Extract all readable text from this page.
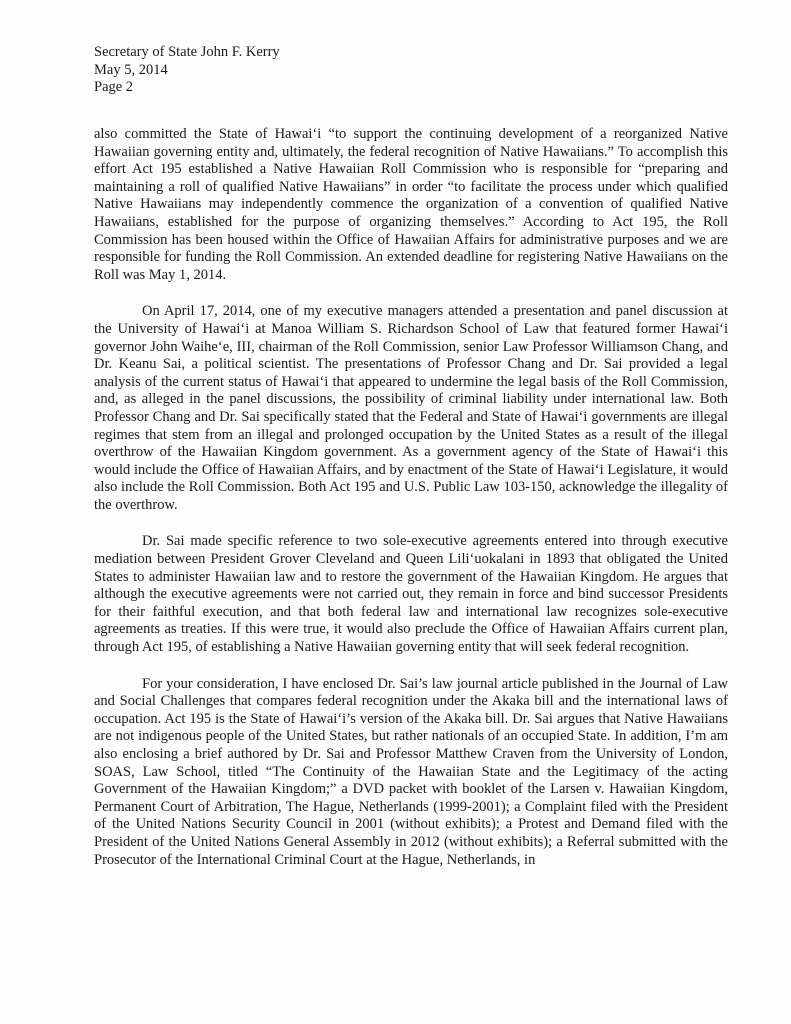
Secretary of State John F. Kerry
May 5, 2014
Page 2

also committed the State of Hawai‘i “to support the continuing development of a reorganized Native Hawaiian governing entity and, ultimately, the federal recognition of Native Hawaiians.” To accomplish this effort Act 195 established a Native Hawaiian Roll Commission who is responsible for “preparing and maintaining a roll of qualified Native Hawaiians” in order “to facilitate the process under which qualified Native Hawaiians may independently commence the organization of a convention of qualified Native Hawaiians, established for the purpose of organizing themselves.” According to Act 195, the Roll Commission has been housed within the Office of Hawaiian Affairs for administrative purposes and we are responsible for funding the Roll Commission. An extended deadline for registering Native Hawaiians on the Roll was May 1, 2014.

On April 17, 2014, one of my executive managers attended a presentation and panel discussion at the University of Hawai‘i at Manoa William S. Richardson School of Law that featured former Hawai‘i governor John Waihe‘e, III, chairman of the Roll Commission, senior Law Professor Williamson Chang, and Dr. Keanu Sai, a political scientist. The presentations of Professor Chang and Dr. Sai provided a legal analysis of the current status of Hawai‘i that appeared to undermine the legal basis of the Roll Commission, and, as alleged in the panel discussions, the possibility of criminal liability under international law. Both Professor Chang and Dr. Sai specifically stated that the Federal and State of Hawai‘i governments are illegal regimes that stem from an illegal and prolonged occupation by the United States as a result of the illegal overthrow of the Hawaiian Kingdom government. As a government agency of the State of Hawai‘i this would include the Office of Hawaiian Affairs, and by enactment of the State of Hawai‘i Legislature, it would also include the Roll Commission. Both Act 195 and U.S. Public Law 103-150, acknowledge the illegality of the overthrow.

Dr. Sai made specific reference to two sole-executive agreements entered into through executive mediation between President Grover Cleveland and Queen Lili‘uokalani in 1893 that obligated the United States to administer Hawaiian law and to restore the government of the Hawaiian Kingdom. He argues that although the executive agreements were not carried out, they remain in force and bind successor Presidents for their faithful execution, and that both federal law and international law recognizes sole-executive agreements as treaties. If this were true, it would also preclude the Office of Hawaiian Affairs current plan, through Act 195, of establishing a Native Hawaiian governing entity that will seek federal recognition.

For your consideration, I have enclosed Dr. Sai’s law journal article published in the Journal of Law and Social Challenges that compares federal recognition under the Akaka bill and the international laws of occupation. Act 195 is the State of Hawai‘i’s version of the Akaka bill. Dr. Sai argues that Native Hawaiians are not indigenous people of the United States, but rather nationals of an occupied State. In addition, I’m am also enclosing a brief authored by Dr. Sai and Professor Matthew Craven from the University of London, SOAS, Law School, titled “The Continuity of the Hawaiian State and the Legitimacy of the acting Government of the Hawaiian Kingdom;” a DVD packet with booklet of the Larsen v. Hawaiian Kingdom, Permanent Court of Arbitration, The Hague, Netherlands (1999-2001); a Complaint filed with the President of the United Nations Security Council in 2001 (without exhibits); a Protest and Demand filed with the President of the United Nations General Assembly in 2012 (without exhibits); a Referral submitted with the Prosecutor of the International Criminal Court at the Hague, Netherlands, in
